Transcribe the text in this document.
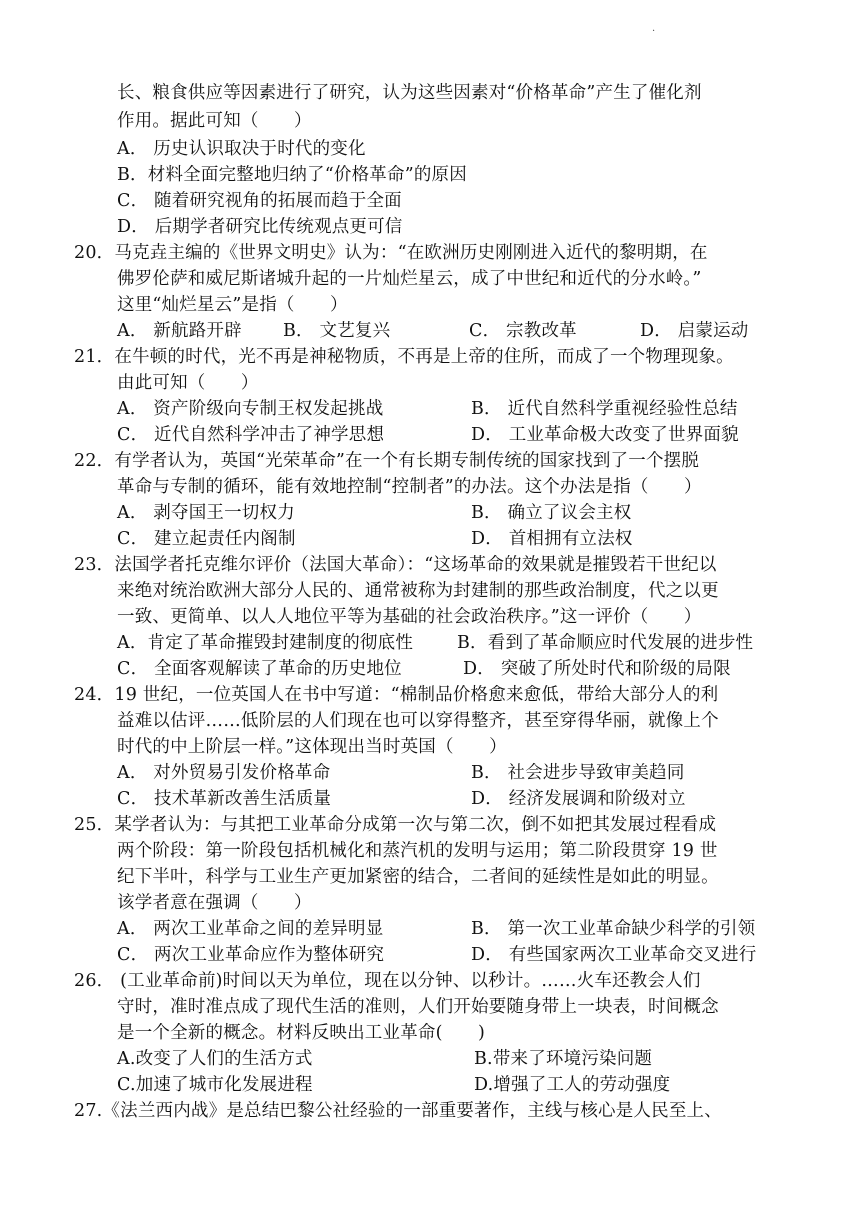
·
长、粮食供应等因素进行了研究，认为这些因素对“价格革命”产生了催化剂
作用。据此可知（　　）
A． 历史认识取决于时代的变化
B．材料全面完整地归纳了“价格革命”的原因
C． 随着研究视角的拓展而趋于全面
D． 后期学者研究比传统观点更可信
20．马克垚主编的《世界文明史》认为：“在欧洲历史刚刚进入近代的黎明期，在
佛罗伦萨和威尼斯诸城升起的一片灿烂星云，成了中世纪和近代的分水岭。”
这里“灿烂星云”是指（　　）
A． 新航路开辟 B． 文艺复兴	C． 宗教改革	D． 启蒙运动
21．在牛顿的时代，光不再是神秘物质，不再是上帝的住所，而成了一个物理现象。
由此可知（　　）
A． 资产阶级向专制王权发起挑战	B． 近代自然科学重视经验性总结
C． 近代自然科学冲击了神学思想	D． 工业革命极大改变了世界面貌
22．有学者认为，英国“光荣革命”在一个有长期专制传统的国家找到了一个摆脱
革命与专制的循环，能有效地控制“控制者”的办法。这个办法是指（　　）
A． 剥夺国王一切权力	B． 确立了议会主权
C． 建立起责任内阁制	D． 首相拥有立法权
23．法国学者托克维尔评价（法国大革命）：“这场革命的效果就是摧毁若干世纪以
来绝对统治欧洲大部分人民的、通常被称为封建制的那些政治制度，代之以更
一致、更简单、以人人地位平等为基础的社会政治秩序。”这一评价（　　）
A．肯定了革命摧毁封建制度的彻底性	B．看到了革命顺应时代发展的进步性
C． 全面客观解读了革命的历史地位	D． 突破了所处时代和阶级的局限
24．19 世纪，一位英国人在书中写道：“棉制品价格愈来愈低，带给大部分人的利
益难以估评……低阶层的人们现在也可以穿得整齐，甚至穿得华丽，就像上个
时代的中上阶层一样。”这体现出当时英国（　　）
A． 对外贸易引发价格革命	B． 社会进步导致审美趋同
C． 技术革新改善生活质量	D． 经济发展调和阶级对立
25．某学者认为：与其把工业革命分成第一次与第二次，倒不如把其发展过程看成
两个阶段：第一阶段包括机械化和蒸汽机的发明与运用；第二阶段贯穿 19 世
纪下半叶，科学与工业生产更加紧密的结合，二者间的延续性是如此的明显。
该学者意在强调（　　）
A． 两次工业革命之间的差异明显	B． 第一次工业革命缺少科学的引领
C． 两次工业革命应作为整体研究	D． 有些国家两次工业革命交叉进行
26． (工业革命前)时间以天为单位，现在以分钟、以秒计。……火车还教会人们
守时，准时准点成了现代生活的准则，人们开始要随身带上一块表，时间概念
是一个全新的概念。材料反映出工业革命(　　)
A.改变了人们的生活方式	B.带来了环境污染问题
C.加速了城市化发展进程	D.增强了工人的劳动强度
27.《法兰西内战》是总结巴黎公社经验的一部重要著作，主线与核心是人民至上、
